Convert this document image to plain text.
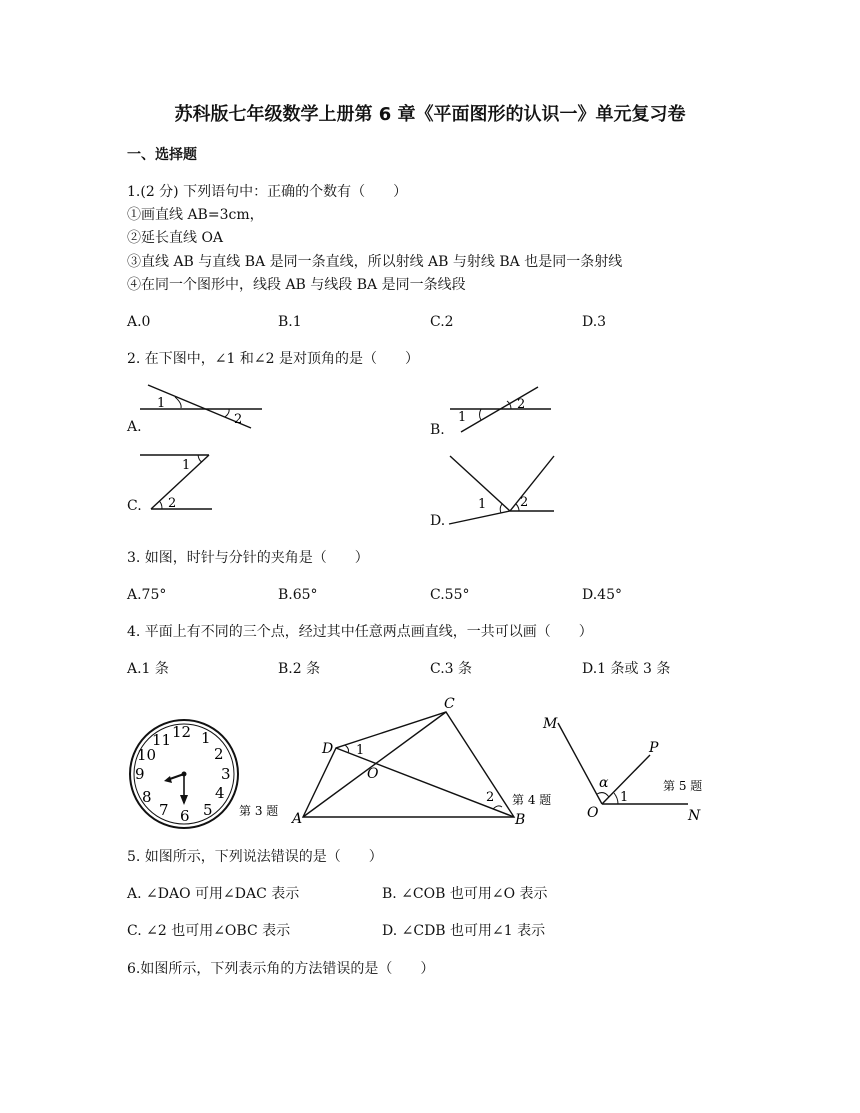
苏科版七年级数学上册第 6 章《平面图形的认识一》单元复习卷
一、选择题
1.(2 分) 下列语句中：正确的个数有（　　）
①画直线 AB=3cm，
②延长直线 OA
③直线 AB 与直线 BA 是同一条直线，所以射线 AB 与射线 BA 也是同一条射线
④在同一个图形中，线段 AB 与线段 BA 是同一条线段
A.0	B.1	C.2	D.3
2. 在下图中，∠1 和∠2 是对顶角的是（　　）
1
2
A.
1
2
B.
1
2
C.	1	2
D.
3. 如图，时针与分针的夹角是（　　）
A.75°	B.65°	C.55°	D.45°
4. 平面上有不同的三个点，经过其中任意两点画直线，一共可以画（　　）
A.1 条	B.2 条	C.3 条	D.1 条或 3 条
12 1
2
3
4
5
6
7
8
9
10
11
第 3 题 A	B
C
D
O
1
2 第 4 题
M
P
O	N
α
1
第 5 题
5. 如图所示，下列说法错误的是（　　）
A. ∠DAO 可用∠DAC 表示	B. ∠COB 也可用∠O 表示
C. ∠2 也可用∠OBC 表示	D. ∠CDB 也可用∠1 表示
6.如图所示，下列表示角的方法错误的是（　　）
